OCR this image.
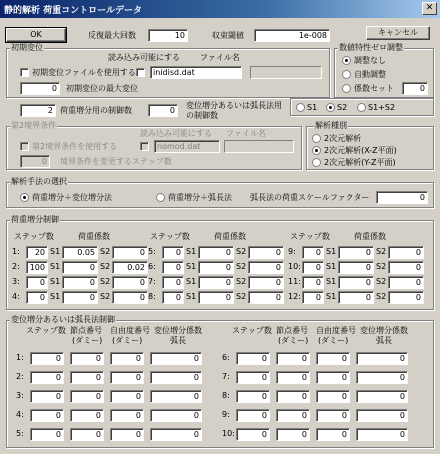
静的解析 荷重コントロールデータ	✕
OK	反復最大回数	10	収束閾値	1e-008	キャンセル
初期変位
読み込み可能にする	ファイル名
初期変位ファイルを使用する	inidisd.dat
0	初期変位の最大変位
数値特性ゼロ調整
調整なし
自動調整
係数セット	0
2 荷重増分用の制御数	0
変位増分あるいは弧長法用の制御数
S1 S2	S1+S2
第2境界条件
読み込み可能にする ファイル名
第2境界条件を使用する	nomod.dat
0	境界条件を変更するステップ数
解析種別
2次元解析
2次元解析(X-Z平面)
2次元解析(Y-Z平面)
解析手法の選択
荷重増分＋変位増分法	荷重増分＋弧長法 弧長法の荷重スケールファクター	0
荷重増分制御
ステップ数	荷重係数
1:	20 S1	0.05 S2	0
2:	100 S1	0 S2	0.02
3:	0 S1	0 S2	0
4:	0 S1	0 S2	0
ステップ数	荷重係数
5:	0 S1	0 S2	0
6:	0 S1	0 S2	0
7:	0 S1	0 S2	0
8:	0 S1	0 S2	0
ステップ数	荷重係数
9:	0 S1	0 S2	0
10:	0 S1	0 S2	0
11:	0 S1	0 S2	0
12:	0 S1	0 S2	0
変位増分あるいは弧長法制御
ステップ数 節点番号
(ダミー)
自由度番号
(ダミー)
変位増分係数
弧長
1:	0	0	0	0
2:	0	0	0	0
3:	0	0	0	0
4:	0	0	0	0
5:	0	0	0	0
ステップ数 節点番号
(ダミー)
自由度番号
(ダミー)
変位増分係数
弧長
6:	0	0	0	0
7:	0	0	0	0
8:	0	0	0	0
9:	0	0	0	0
10:	0	0	0	0
